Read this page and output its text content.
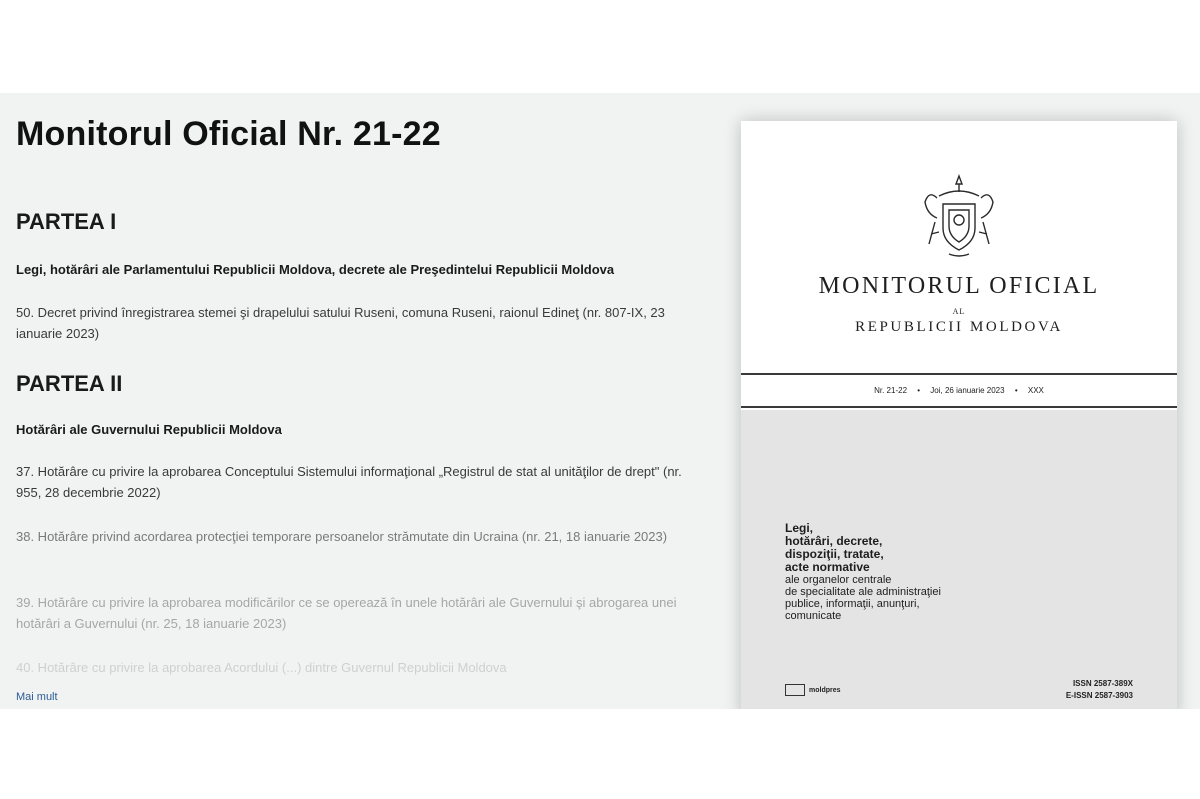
Monitorul Oficial Nr. 21-22
PARTEA I
Legi, hotărâri ale Parlamentului Republicii Moldova, decrete ale Preşedintelui Republicii Moldova
50. Decret privind înregistrarea stemei şi drapelului satului Ruseni, comuna Ruseni, raionul Edineţ (nr. 807-IX, 23 ianuarie 2023)
PARTEA II
Hotărâri ale Guvernului Republicii Moldova
37. Hotărâre cu privire la aprobarea Conceptului Sistemului informaţional „Registrul de stat al unităţilor de drept" (nr. 955, 28 decembrie 2022)
38. Hotărâre privind acordarea protecţiei temporare persoanelor strămutate din Ucraina (nr. 21, 18 ianuarie 2023)
39. Hotărâre cu privire la aprobarea modificărilor ce se operează în unele hotărâri ale Guvernului şi abrogarea unei hotărâri a Guvernului (nr. 25, 18 ianuarie 2023)
40. Hotărâre cu privire la aprobarea Acordului (...) dintre Guvernul Republicii Moldova
Mai mult
MONITORUL OFICIAL
AL
REPUBLICII MOLDOVA
Nr. 21-22 • Joi, 26 ianuarie 2023 • XXX
Legi,
hotărâri, decrete,
dispoziţii, tratate,
acte normative
ale organelor centrale
de specialitate ale administraţiei
publice, informaţii, anunţuri,
comunicate
moldpres
ISSN 2587-389X
E-ISSN 2587-3903
